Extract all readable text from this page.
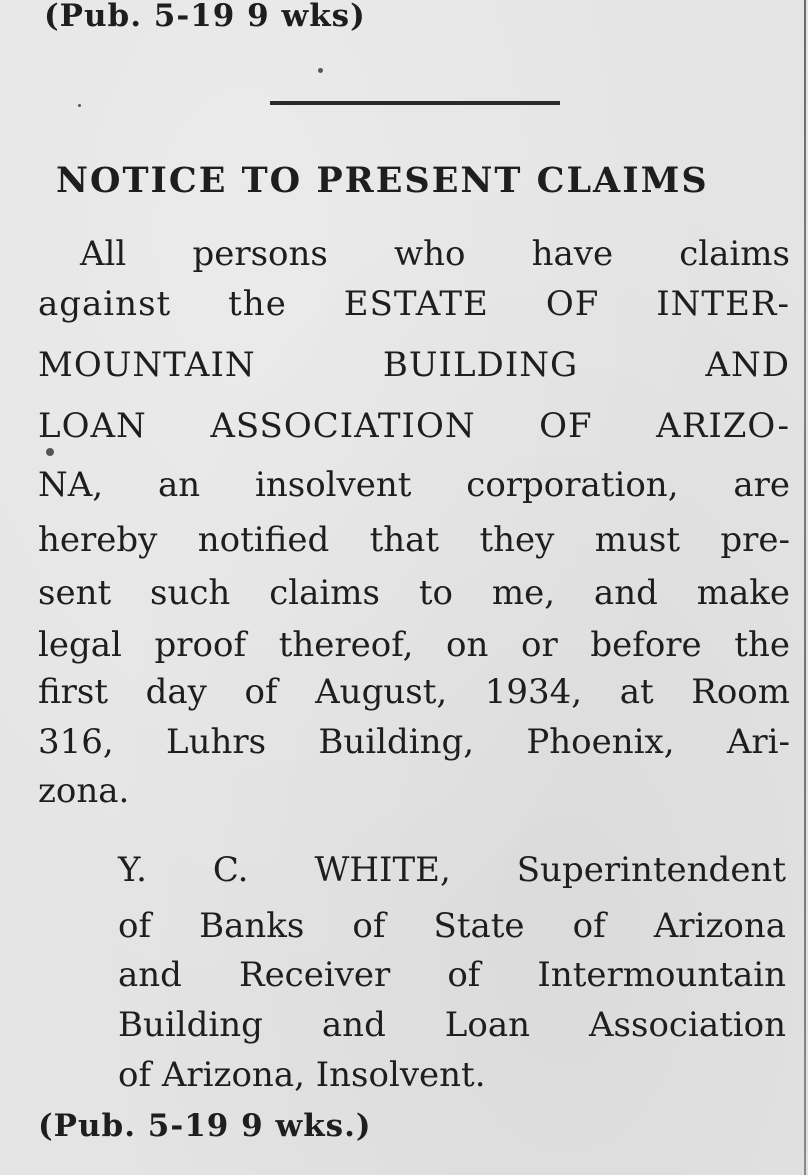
(Pub. 5-19 9 wks)
NOTICE TO PRESENT CLAIMS
All persons who have claims
against the ESTATE OF INTER-
MOUNTAIN BUILDING AND
LOAN ASSOCIATION OF ARIZO-
NA, an insolvent corporation, are
hereby notified that they must pre-
sent such claims to me, and make
legal proof thereof, on or before the
first day of August, 1934, at Room
316, Luhrs Building, Phoenix, Ari-
zona.
Y. C. WHITE, Superintendent
of Banks of State of Arizona
and Receiver of Intermountain
Building and Loan Association
of Arizona, Insolvent.
(Pub. 5-19 9 wks.)
